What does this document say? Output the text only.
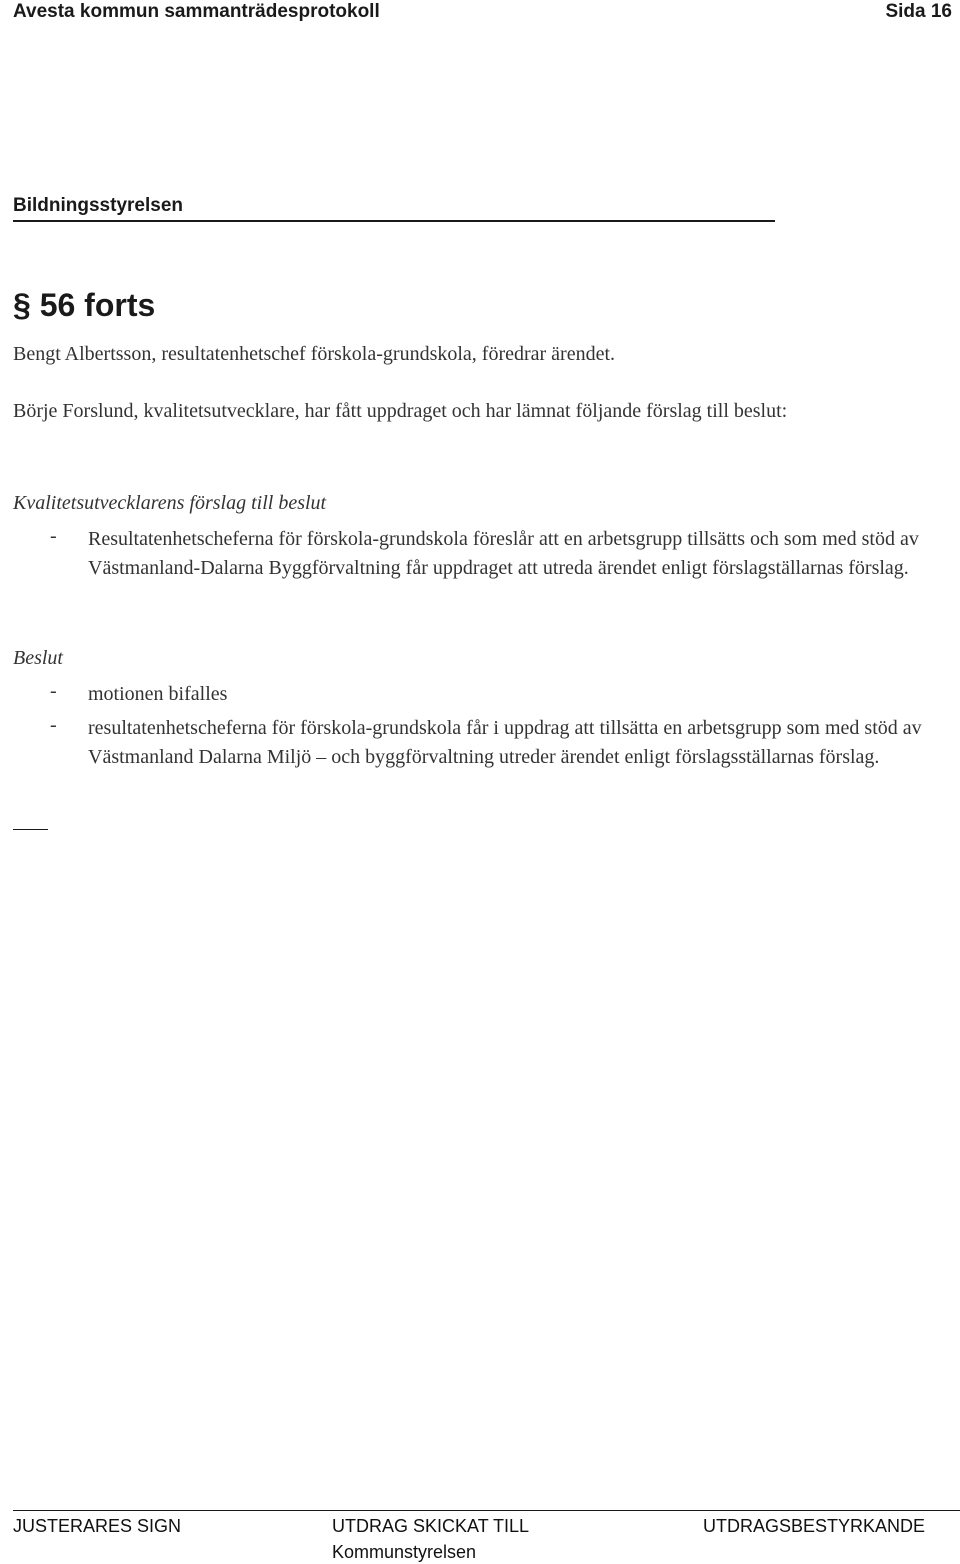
Avesta kommun sammanträdesprotokoll	Sida 16
Bildningsstyrelsen
§ 56 forts
Bengt Albertsson, resultatenhetschef förskola-grundskola, föredrar ärendet.
Börje Forslund, kvalitetsutvecklare, har fått uppdraget och har lämnat följande förslag till beslut:
Kvalitetsutvecklarens förslag till beslut
- Resultatenhetscheferna för förskola-grundskola föreslår att en arbetsgrupp tillsätts och som med stöd av Västmanland-Dalarna Byggförvaltning får uppdraget att utreda ärendet enligt förslagställarnas förslag.
Beslut
- motionen bifalles
- resultatenhetscheferna för förskola-grundskola får i uppdrag att tillsätta en arbetsgrupp som med stöd av Västmanland Dalarna Miljö – och byggförvaltning utreder ärendet enligt förslagsställarnas förslag.
JUSTERARES SIGN	UTDRAG SKICKAT TILL
Kommunstyrelsen
UTDRAGSBESTYRKANDE
